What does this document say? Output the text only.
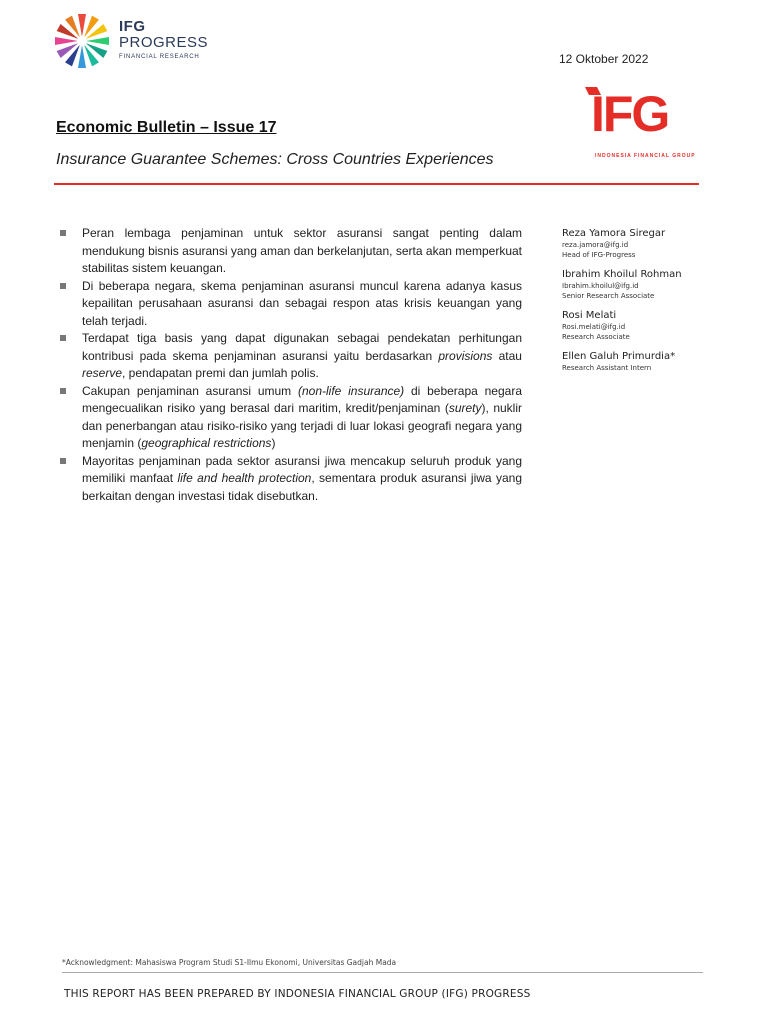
IFG
PROGRESS
FINANCIAL RESEARCH	12 Oktober 2022
IFG
INDONESIA FINANCIAL GROUP
Economic Bulletin – Issue 17
Insurance Guarantee Schemes: Cross Countries Experiences
Peran lembaga penjaminan untuk sektor asuransi sangat penting dalam mendukung bisnis asuransi yang aman dan berkelanjutan, serta akan memperkuat stabilitas sistem keuangan.
Di beberapa negara, skema penjaminan asuransi muncul karena adanya kasus kepailitan perusahaan asuransi dan sebagai respon atas krisis keuangan yang telah terjadi.
Terdapat tiga basis yang dapat digunakan sebagai pendekatan perhitungan kontribusi pada skema penjaminan asuransi yaitu berdasarkan provisions atau reserve, pendapatan premi dan jumlah polis.
Cakupan penjaminan asuransi umum (non-life insurance) di beberapa negara mengecualikan risiko yang berasal dari maritim, kredit/penjaminan (surety), nuklir dan penerbangan atau risiko-risiko yang terjadi di luar lokasi geografi negara yang menjamin (geographical restrictions)
Mayoritas penjaminan pada sektor asuransi jiwa mencakup seluruh produk yang memiliki manfaat life and health protection, sementara produk asuransi jiwa yang berkaitan dengan investasi tidak disebutkan.
Reza Yamora Siregar
reza.jamora@ifg.id
Head of IFG-Progress
Ibrahim Khoilul Rohman
Ibrahim.khoilul@ifg.id
Senior Research Associate
Rosi Melati
Rosi.melati@ifg.id
Research Associate
Ellen Galuh Primurdia*
Research Assistant Intern
*Acknowledgment: Mahasiswa Program Studi S1-Ilmu Ekonomi, Universitas Gadjah Mada
THIS REPORT HAS BEEN PREPARED BY INDONESIA FINANCIAL GROUP (IFG) PROGRESS
